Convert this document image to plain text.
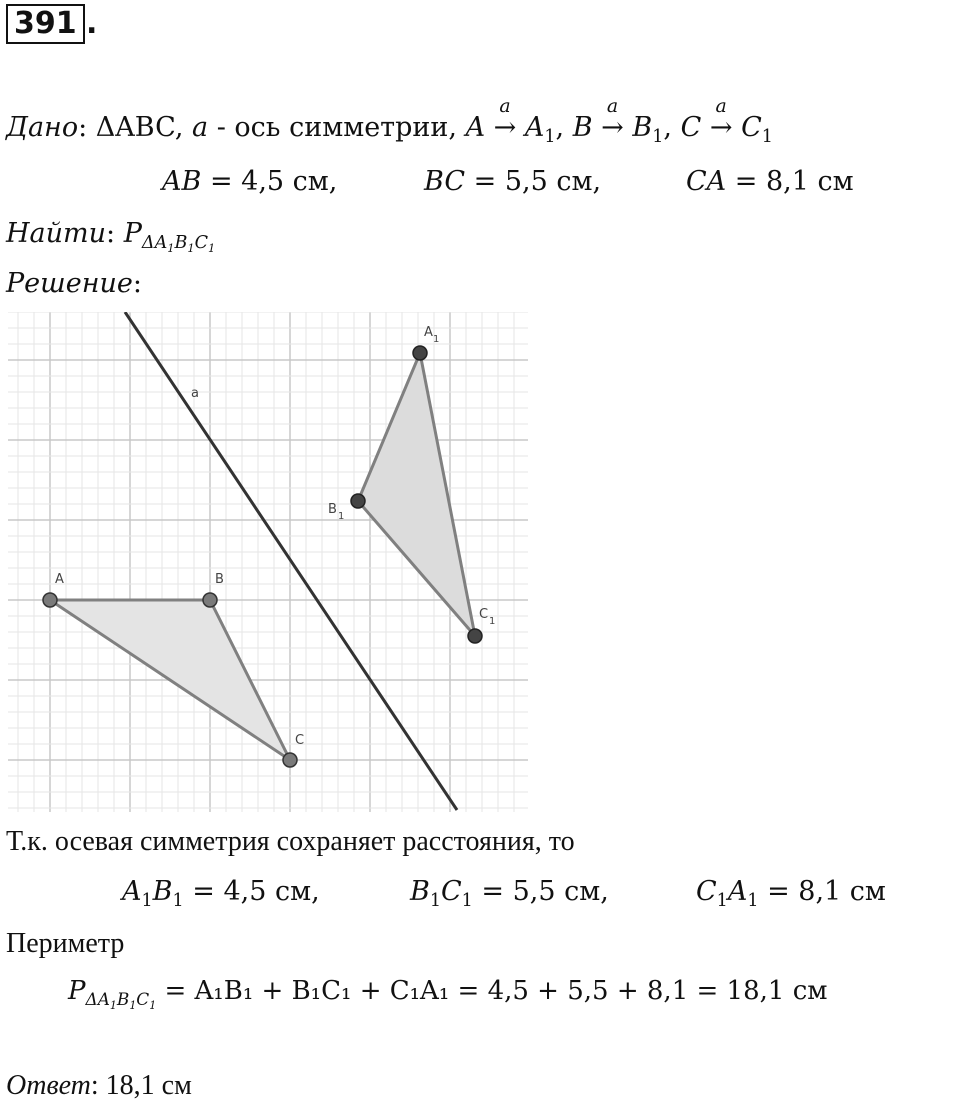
391 .
Дано: ΔABC, a - ось симметрии, A →
a
$A_1$, B →
a
$B_1$, C →
a
$C_1$
AB = 4,5 см,	BC = 5,5 см,	CA = 8,1 см
Найти: $P_{\Delta A_1B_1C_1}$
Решение:
a
A	B
C
A 1
B 1
C 1
Т.к. осевая симметрия сохраняет расстояния, то
$A_1B_1 = 4,5$ см,	$B_1C_1 = 5,5$ см,	$C_1A_1 = 8,1$ см
Периметр
$P_{\Delta A_1B_1C_1} = A_1B_1 + B_1C_1 + C_1A_1 = 4,5 + 5,5 + 8,1 = 18,1$ см
Ответ: 18,1 см
